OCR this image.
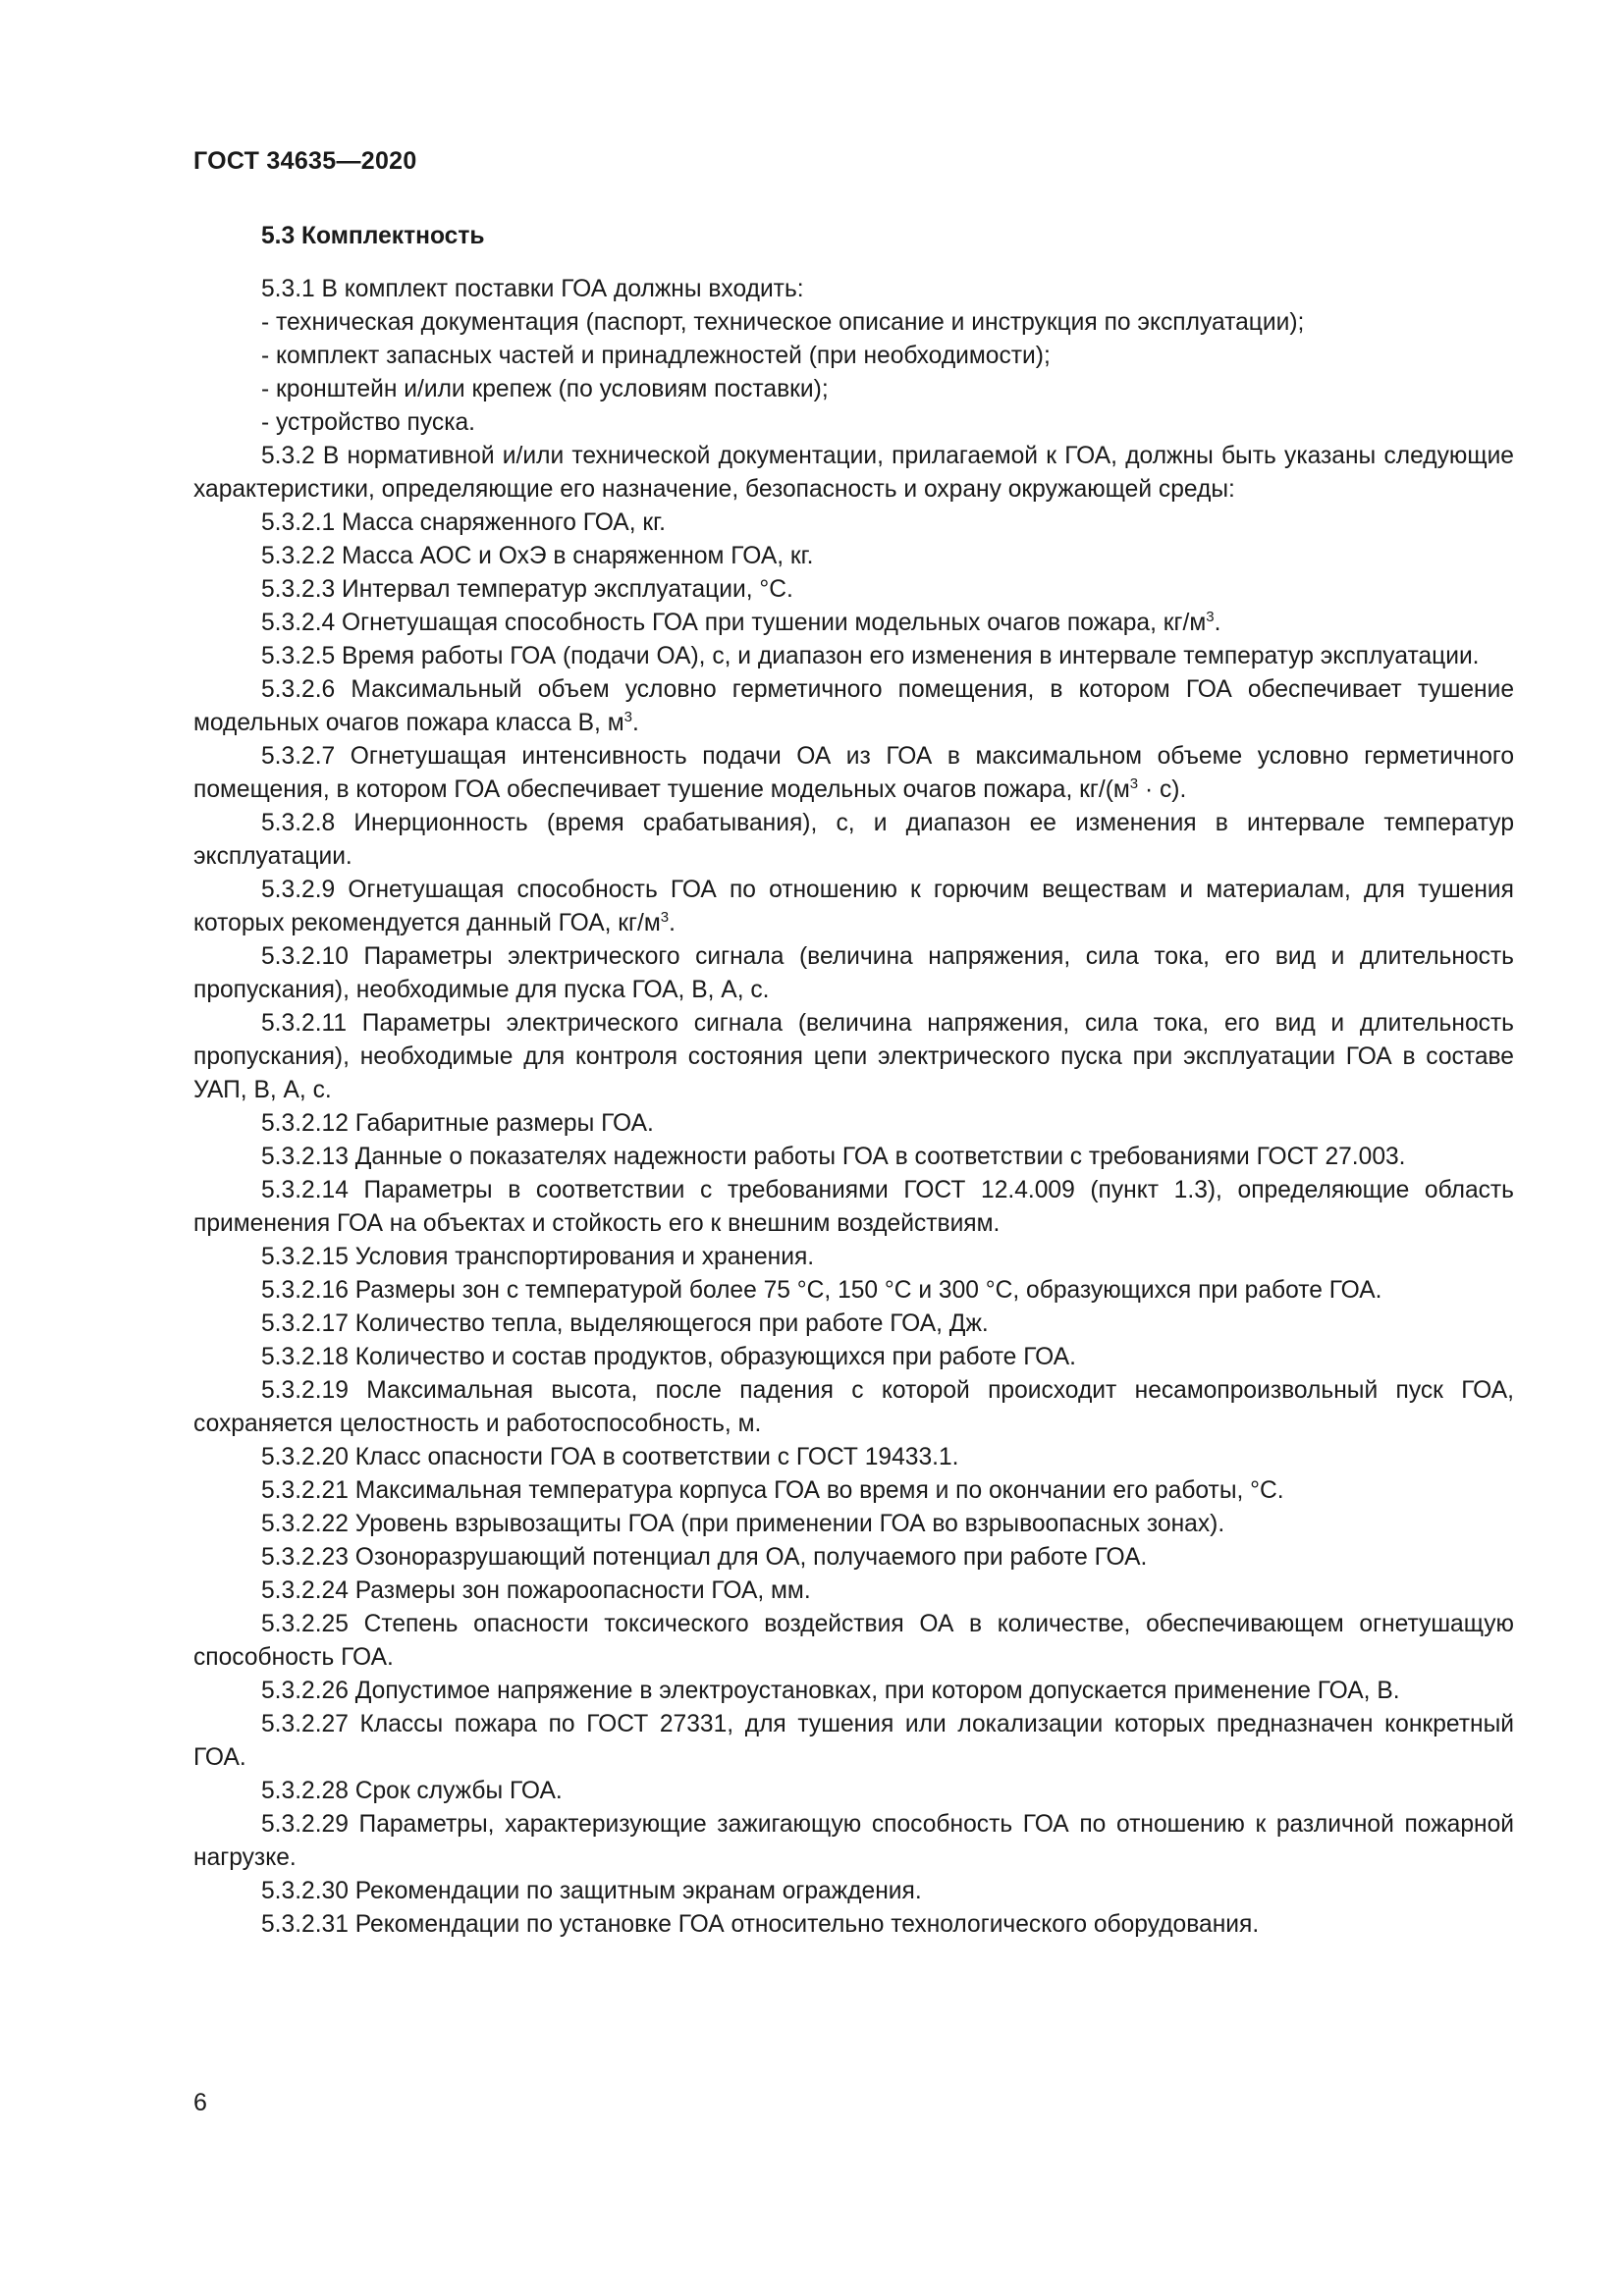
ГОСТ 34635—2020
5.3 Комплектность
5.3.1 В комплект поставки ГОА должны входить:
- техническая документация (паспорт, техническое описание и инструкция по эксплуатации);
- комплект запасных частей и принадлежностей (при необходимости);
- кронштейн и/или крепеж (по условиям поставки);
- устройство пуска.
5.3.2 В нормативной и/или технической документации, прилагаемой к ГОА, должны быть указаны следующие характеристики, определяющие его назначение, безопасность и охрану окружающей среды:
5.3.2.1 Масса снаряженного ГОА, кг.
5.3.2.2 Масса АОС и ОхЭ в снаряженном ГОА, кг.
5.3.2.3 Интервал температур эксплуатации, °С.
5.3.2.4 Огнетушащая способность ГОА при тушении модельных очагов пожара, $кг/м^3$.
5.3.2.5 Время работы ГОА (подачи ОА), с, и диапазон его изменения в интервале температур эксплуатации.
5.3.2.6 Максимальный объем условно герметичного помещения, в котором ГОА обеспечивает тушение модельных очагов пожара класса В, $м^3$.
5.3.2.7 Огнетушащая интенсивность подачи ОА из ГОА в максимальном объеме условно герметичного помещения, в котором ГОА обеспечивает тушение модельных очагов пожара, $кг/(м^3 \cdot с)$.
5.3.2.8 Инерционность (время срабатывания), с, и диапазон ее изменения в интервале температур эксплуатации.
5.3.2.9 Огнетушащая способность ГОА по отношению к горючим веществам и материалам, для тушения которых рекомендуется данный ГОА, $кг/м^3$.
5.3.2.10 Параметры электрического сигнала (величина напряжения, сила тока, его вид и длительность пропускания), необходимые для пуска ГОА, В, А, с.
5.3.2.11 Параметры электрического сигнала (величина напряжения, сила тока, его вид и длительность пропускания), необходимые для контроля состояния цепи электрического пуска при эксплуатации ГОА в составе УАП, В, А, с.
5.3.2.12 Габаритные размеры ГОА.
5.3.2.13 Данные о показателях надежности работы ГОА в соответствии с требованиями ГОСТ 27.003.
5.3.2.14 Параметры в соответствии с требованиями ГОСТ 12.4.009 (пункт 1.3), определяющие область применения ГОА на объектах и стойкость его к внешним воздействиям.
5.3.2.15 Условия транспортирования и хранения.
5.3.2.16 Размеры зон с температурой более 75 °С, 150 °С и 300 °С, образующихся при работе ГОА.
5.3.2.17 Количество тепла, выделяющегося при работе ГОА, Дж.
5.3.2.18 Количество и состав продуктов, образующихся при работе ГОА.
5.3.2.19 Максимальная высота, после падения с которой происходит несамопроизвольный пуск ГОА, сохраняется целостность и работоспособность, м.
5.3.2.20 Класс опасности ГОА в соответствии с ГОСТ 19433.1.
5.3.2.21 Максимальная температура корпуса ГОА во время и по окончании его работы, °С.
5.3.2.22 Уровень взрывозащиты ГОА (при применении ГОА во взрывоопасных зонах).
5.3.2.23 Озоноразрушающий потенциал для ОА, получаемого при работе ГОА.
5.3.2.24 Размеры зон пожароопасности ГОА, мм.
5.3.2.25 Степень опасности токсического воздействия ОА в количестве, обеспечивающем огнетушащую способность ГОА.
5.3.2.26 Допустимое напряжение в электроустановках, при котором допускается применение ГОА, В.
5.3.2.27 Классы пожара по ГОСТ 27331, для тушения или локализации которых предназначен конкретный ГОА.
5.3.2.28 Срок службы ГОА.
5.3.2.29 Параметры, характеризующие зажигающую способность ГОА по отношению к различной пожарной нагрузке.
5.3.2.30 Рекомендации по защитным экранам ограждения.
5.3.2.31 Рекомендации по установке ГОА относительно технологического оборудования.
6
